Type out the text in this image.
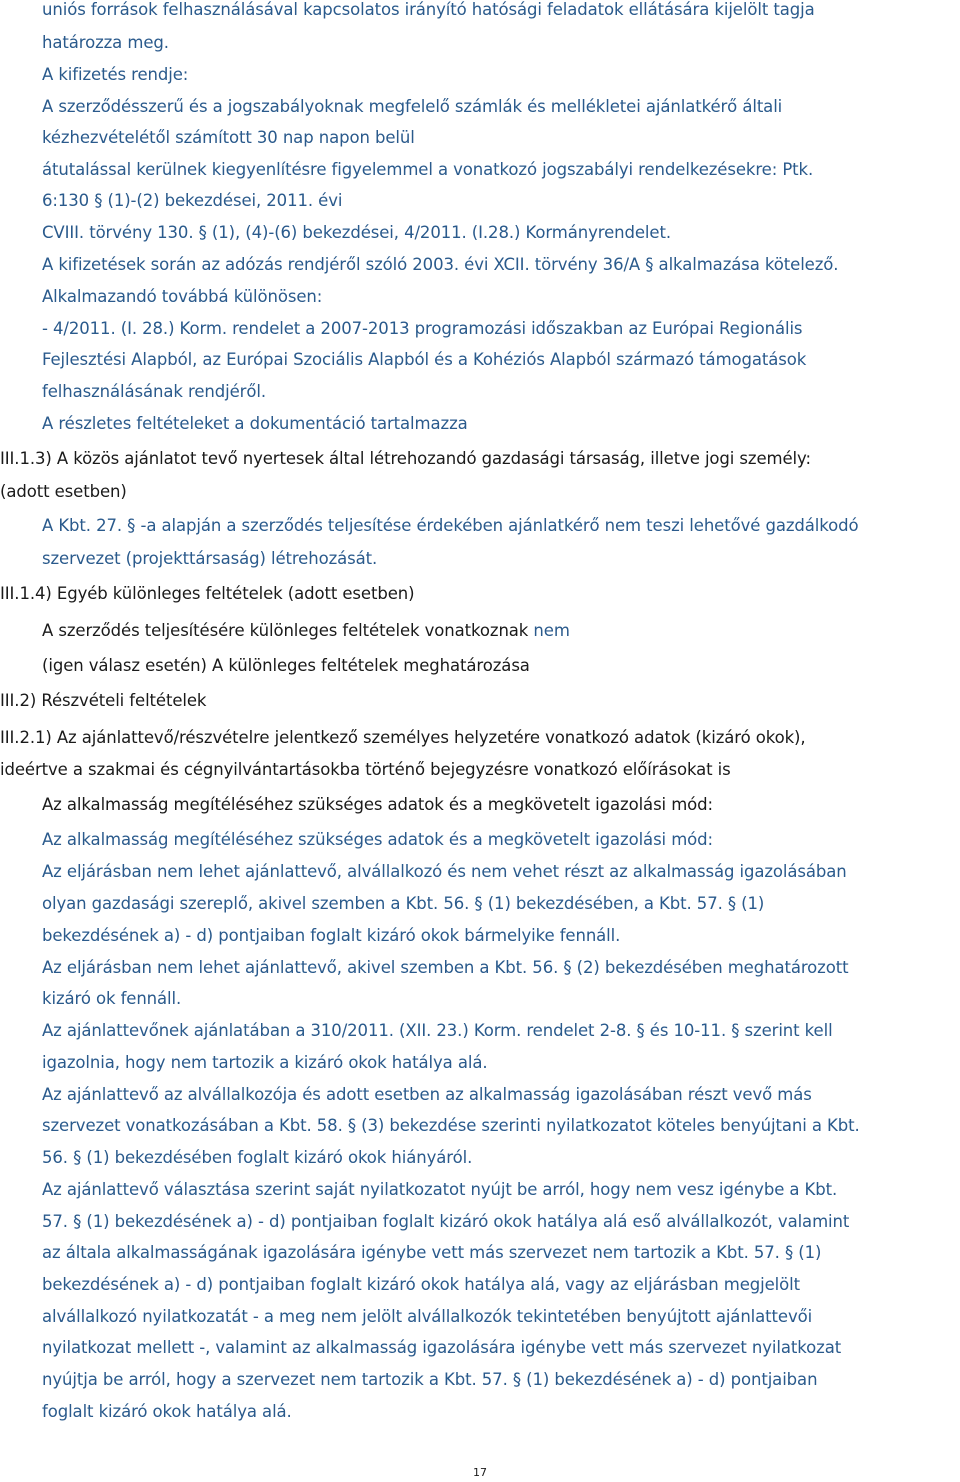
uniós források felhasználásával kapcsolatos irányító hatósági feladatok ellátására kijelölt tagja
határozza meg.
A kifizetés rendje:
A szerződésszerű és a jogszabályoknak megfelelő számlák és mellékletei ajánlatkérő általi
kézhezvételétől számított 30 nap napon belül
átutalással kerülnek kiegyenlítésre figyelemmel a vonatkozó jogszabályi rendelkezésekre: Ptk.
6:130 § (1)-(2) bekezdései, 2011. évi
CVIII. törvény 130. § (1), (4)-(6) bekezdései, 4/2011. (I.28.) Kormányrendelet.
A kifizetések során az adózás rendjéről szóló 2003. évi XCII. törvény 36/A § alkalmazása kötelező.
Alkalmazandó továbbá különösen:
- 4/2011. (I. 28.) Korm. rendelet a 2007-2013 programozási időszakban az Európai Regionális
Fejlesztési Alapból, az Európai Szociális Alapból és a Kohéziós Alapból származó támogatások
felhasználásának rendjéről.
A részletes feltételeket a dokumentáció tartalmazza
III.1.3) A közös ajánlatot tevő nyertesek által létrehozandó gazdasági társaság, illetve jogi személy:
(adott esetben)
A Kbt. 27. § -a alapján a szerződés teljesítése érdekében ajánlatkérő nem teszi lehetővé gazdálkodó
szervezet (projekttársaság) létrehozását.
III.1.4) Egyéb különleges feltételek (adott esetben)
A szerződés teljesítésére különleges feltételek vonatkoznak nem
(igen válasz esetén) A különleges feltételek meghatározása
III.2) Részvételi feltételek
III.2.1) Az ajánlattevő/részvételre jelentkező személyes helyzetére vonatkozó adatok (kizáró okok),
ideértve a szakmai és cégnyilvántartásokba történő bejegyzésre vonatkozó előírásokat is
Az alkalmasság megítéléséhez szükséges adatok és a megkövetelt igazolási mód:
Az alkalmasság megítéléséhez szükséges adatok és a megkövetelt igazolási mód:
Az eljárásban nem lehet ajánlattevő, alvállalkozó és nem vehet részt az alkalmasság igazolásában
olyan gazdasági szereplő, akivel szemben a Kbt. 56. § (1) bekezdésében, a Kbt. 57. § (1)
bekezdésének a) - d) pontjaiban foglalt kizáró okok bármelyike fennáll.
Az eljárásban nem lehet ajánlattevő, akivel szemben a Kbt. 56. § (2) bekezdésében meghatározott
kizáró ok fennáll.
Az ajánlattevőnek ajánlatában a 310/2011. (XII. 23.) Korm. rendelet 2-8. § és 10-11. § szerint kell
igazolnia, hogy nem tartozik a kizáró okok hatálya alá.
Az ajánlattevő az alvállalkozója és adott esetben az alkalmasság igazolásában részt vevő más
szervezet vonatkozásában a Kbt. 58. § (3) bekezdése szerinti nyilatkozatot köteles benyújtani a Kbt.
56. § (1) bekezdésében foglalt kizáró okok hiányáról.
Az ajánlattevő választása szerint saját nyilatkozatot nyújt be arról, hogy nem vesz igénybe a Kbt.
57. § (1) bekezdésének a) - d) pontjaiban foglalt kizáró okok hatálya alá eső alvállalkozót, valamint
az általa alkalmasságának igazolására igénybe vett más szervezet nem tartozik a Kbt. 57. § (1)
bekezdésének a) - d) pontjaiban foglalt kizáró okok hatálya alá, vagy az eljárásban megjelölt
alvállalkozó nyilatkozatát - a meg nem jelölt alvállalkozók tekintetében benyújtott ajánlattevői
nyilatkozat mellett -, valamint az alkalmasság igazolására igénybe vett más szervezet nyilatkozat
nyújtja be arról, hogy a szervezet nem tartozik a Kbt. 57. § (1) bekezdésének a) - d) pontjaiban
foglalt kizáró okok hatálya alá.
17
